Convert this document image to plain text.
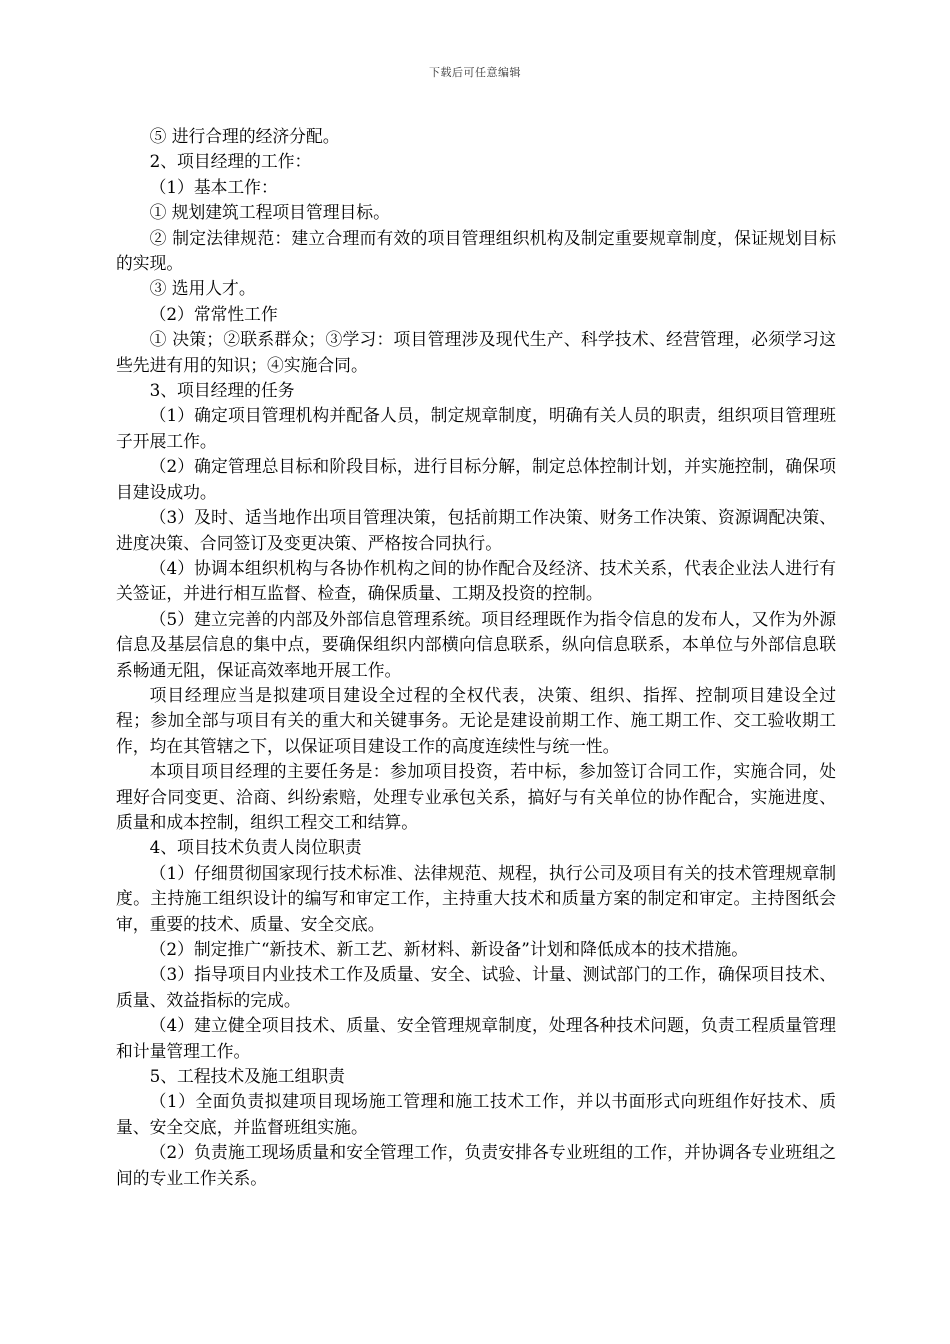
下载后可任意编辑

⑤ 进行合理的经济分配。

2、项目经理的工作：

（1）基本工作：

① 规划建筑工程项目管理目标。

② 制定法律规范：建立合理而有效的项目管理组织机构及制定重要规章制度，保证规划目标的实现。

③ 选用人才。

（2）常常性工作

① 决策；②联系群众；③学习：项目管理涉及现代生产、科学技术、经营管理，必须学习这些先进有用的知识；④实施合同。

3、项目经理的任务

（1）确定项目管理机构并配备人员，制定规章制度，明确有关人员的职责，组织项目管理班子开展工作。

（2）确定管理总目标和阶段目标，进行目标分解，制定总体控制计划，并实施控制，确保项目建设成功。

（3）及时、适当地作出项目管理决策，包括前期工作决策、财务工作决策、资源调配决策、进度决策、合同签订及变更决策、严格按合同执行。

（4）协调本组织机构与各协作机构之间的协作配合及经济、技术关系，代表企业法人进行有关签证，并进行相互监督、检查，确保质量、工期及投资的控制。

（5）建立完善的内部及外部信息管理系统。项目经理既作为指令信息的发布人，又作为外源信息及基层信息的集中点，要确保组织内部横向信息联系，纵向信息联系，本单位与外部信息联系畅通无阻，保证高效率地开展工作。

项目经理应当是拟建项目建设全过程的全权代表，决策、组织、指挥、控制项目建设全过程；参加全部与项目有关的重大和关键事务。无论是建设前期工作、施工期工作、交工验收期工作，均在其管辖之下，以保证项目建设工作的高度连续性与统一性。

本项目项目经理的主要任务是：参加项目投资，若中标，参加签订合同工作，实施合同，处理好合同变更、洽商、纠纷索赔，处理专业承包关系，搞好与有关单位的协作配合，实施进度、质量和成本控制，组织工程交工和结算。

4、项目技术负责人岗位职责

（1）仔细贯彻国家现行技术标准、法律规范、规程，执行公司及项目有关的技术管理规章制度。主持施工组织设计的编写和审定工作，主持重大技术和质量方案的制定和审定。主持图纸会审，重要的技术、质量、安全交底。

（2）制定推广“新技术、新工艺、新材料、新设备”计划和降低成本的技术措施。

（3）指导项目内业技术工作及质量、安全、试验、计量、测试部门的工作，确保项目技术、质量、效益指标的完成。

（4）建立健全项目技术、质量、安全管理规章制度，处理各种技术问题，负责工程质量管理和计量管理工作。

5、工程技术及施工组职责

（1）全面负责拟建项目现场施工管理和施工技术工作，并以书面形式向班组作好技术、质量、安全交底，并监督班组实施。

（2）负责施工现场质量和安全管理工作，负责安排各专业班组的工作，并协调各专业班组之间的专业工作关系。
